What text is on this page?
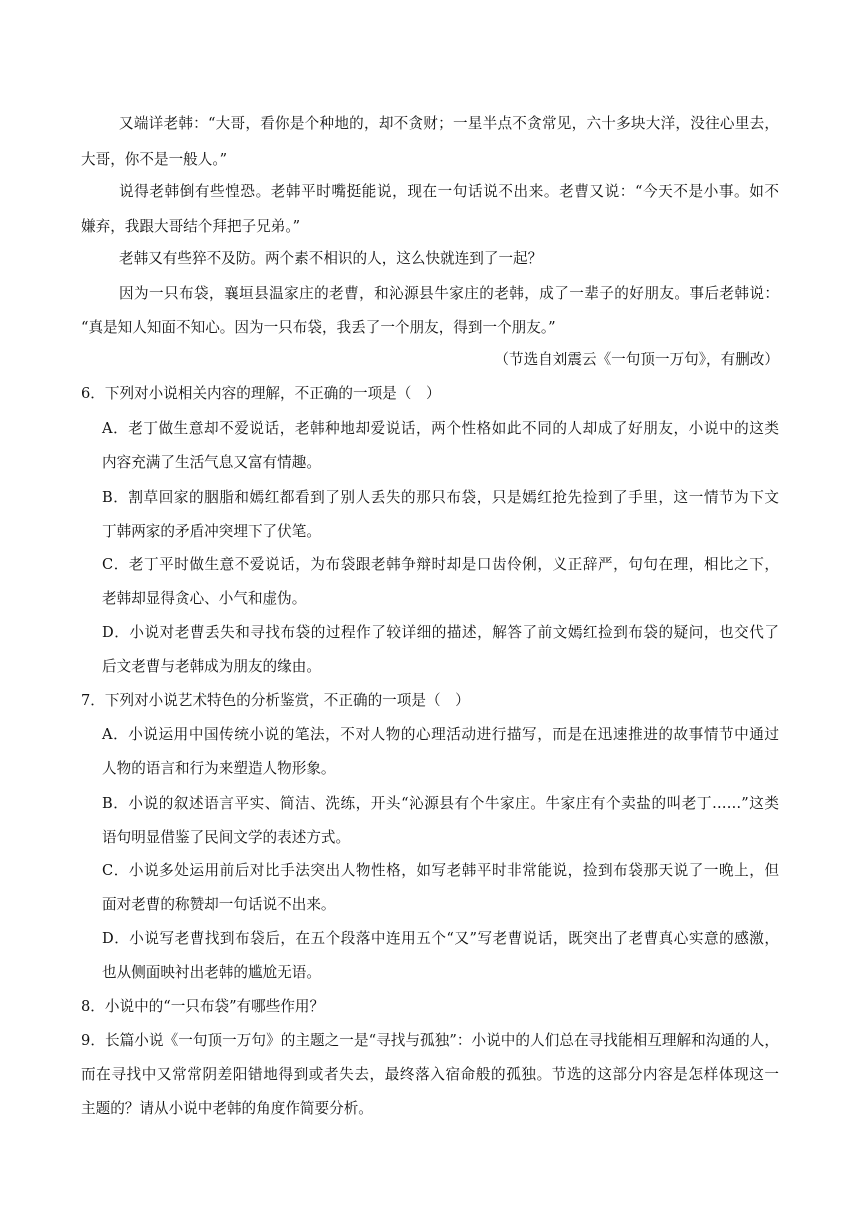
又端详老韩：“大哥，看你是个种地的，却不贪财；一星半点不贪常见，六十多块大洋，没往心里去，

大哥，你不是一般人。”

说得老韩倒有些惶恐。老韩平时嘴挺能说，现在一句话说不出来。老曹又说：“今天不是小事。如不

嫌弃，我跟大哥结个拜把子兄弟。”

老韩又有些猝不及防。两个素不相识的人，这么快就连到了一起？

因为一只布袋，襄垣县温家庄的老曹，和沁源县牛家庄的老韩，成了一辈子的好朋友。事后老韩说：

“真是知人知面不知心。因为一只布袋，我丢了一个朋友，得到一个朋友。”

（节选自刘震云《一句顶一万句》，有删改）

6．下列对小说相关内容的理解，不正确的一项是（　）

A．老丁做生意却不爱说话，老韩种地却爱说话，两个性格如此不同的人却成了好朋友，小说中的这类

内容充满了生活气息又富有情趣。

B．割草回家的胭脂和嫣红都看到了别人丢失的那只布袋，只是嫣红抢先捡到了手里，这一情节为下文

丁韩两家的矛盾冲突埋下了伏笔。

C．老丁平时做生意不爱说话，为布袋跟老韩争辩时却是口齿伶俐，义正辞严，句句在理，相比之下，

老韩却显得贪心、小气和虚伪。

D．小说对老曹丢失和寻找布袋的过程作了较详细的描述，解答了前文嫣红捡到布袋的疑问，也交代了

后文老曹与老韩成为朋友的缘由。

7．下列对小说艺术特色的分析鉴赏，不正确的一项是（　）

A．小说运用中国传统小说的笔法，不对人物的心理活动进行描写，而是在迅速推进的故事情节中通过

人物的语言和行为来塑造人物形象。

B．小说的叙述语言平实、简洁、洗练，开头“沁源县有个牛家庄。牛家庄有个卖盐的叫老丁……”这类

语句明显借鉴了民间文学的表述方式。

C．小说多处运用前后对比手法突出人物性格，如写老韩平时非常能说，捡到布袋那天说了一晚上，但

面对老曹的称赞却一句话说不出来。

D．小说写老曹找到布袋后，在五个段落中连用五个“又”写老曹说话，既突出了老曹真心实意的感激，

也从侧面映衬出老韩的尴尬无语。

8．小说中的“一只布袋”有哪些作用？

9．长篇小说《一句顶一万句》的主题之一是“寻找与孤独”：小说中的人们总在寻找能相互理解和沟通的人，

而在寻找中又常常阴差阳错地得到或者失去，最终落入宿命般的孤独。节选的这部分内容是怎样体现这一

主题的？请从小说中老韩的角度作简要分析。
